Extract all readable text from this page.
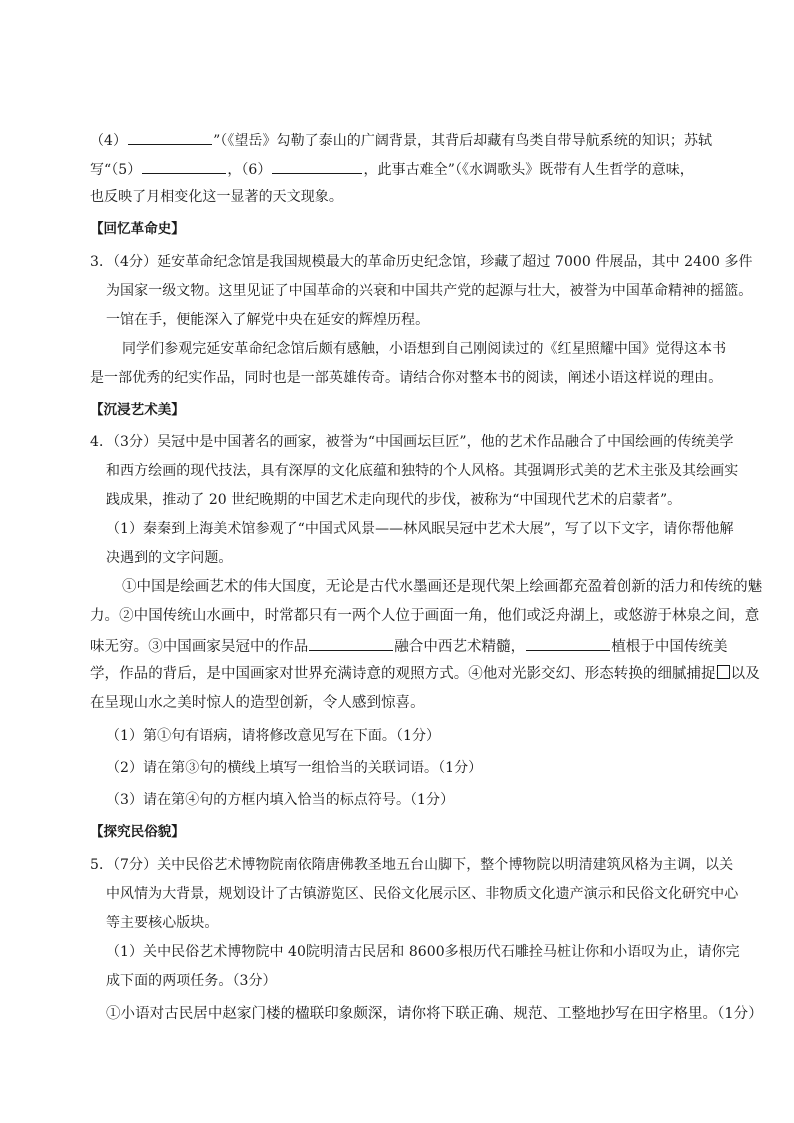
（4）	”（《望岳》勾勒了泰山的广阔背景，其背后却藏有鸟类自带导航系统的知识；苏轼
写“（5）	，（6）	，此事古难全”（《水调歌头》既带有人生哲学的意味，
也反映了月相变化这一显著的天文现象。
【回忆革命史】
3．（4分）延安革命纪念馆是我国规模最大的革命历史纪念馆，珍藏了超过 7000 件展品，其中 2400 多件
为国家一级文物。这里见证了中国革命的兴衰和中国共产党的起源与壮大，被誉为中国革命精神的摇篮。
一馆在手，便能深入了解党中央在延安的辉煌历程。
同学们参观完延安革命纪念馆后颇有感触，小语想到自己刚阅读过的《红星照耀中国》觉得这本书
是一部优秀的纪实作品，同时也是一部英雄传奇。请结合你对整本书的阅读，阐述小语这样说的理由。
【沉浸艺术美】
4．（3分）吴冠中是中国著名的画家，被誉为“中国画坛巨匠”，他的艺术作品融合了中国绘画的传统美学
和西方绘画的现代技法，具有深厚的文化底蕴和独特的个人风格。其强调形式美的艺术主张及其绘画实
践成果，推动了 20 世纪晚期的中国艺术走向现代的步伐，被称为“中国现代艺术的启蒙者”。
（1）秦秦到上海美术馆参观了“中国式风景——林风眠吴冠中艺术大展”，写了以下文字，请你帮他解
决遇到的文字问题。
①中国是绘画艺术的伟大国度，无论是古代水墨画还是现代架上绘画都充盈着创新的活力和传统的魅
力。②中国传统山水画中，时常都只有一两个人位于画面一角，他们或泛舟湖上，或悠游于林泉之间，意
味无穷。③中国画家吴冠中的作品	融合中西艺术精髓，	植根于中国传统美
学，作品的背后，是中国画家对世界充满诗意的观照方式。④他对光影交幻、形态转换的细腻捕捉 以及
在呈现山水之美时惊人的造型创新，令人感到惊喜。
（1）第①句有语病，请将修改意见写在下面。（1分）
（2）请在第③句的横线上填写一组恰当的关联词语。（1分）
（3）请在第④句的方框内填入恰当的标点符号。（1分）
【探究民俗貌】
5．（7分）关中民俗艺术博物院南依隋唐佛教圣地五台山脚下，整个博物院以明清建筑风格为主调，以关
中风情为大背景，规划设计了古镇游览区、民俗文化展示区、非物质文化遗产演示和民俗文化研究中心
等主要核心版块。
（1）关中民俗艺术博物院中 40院明清古民居和 8600多根历代石雕拴马桩让你和小语叹为止，请你完
成下面的两项任务。（3分）
①小语对古民居中赵家门楼的楹联印象颇深，请你将下联正确、规范、工整地抄写在田字格里。（1分）
